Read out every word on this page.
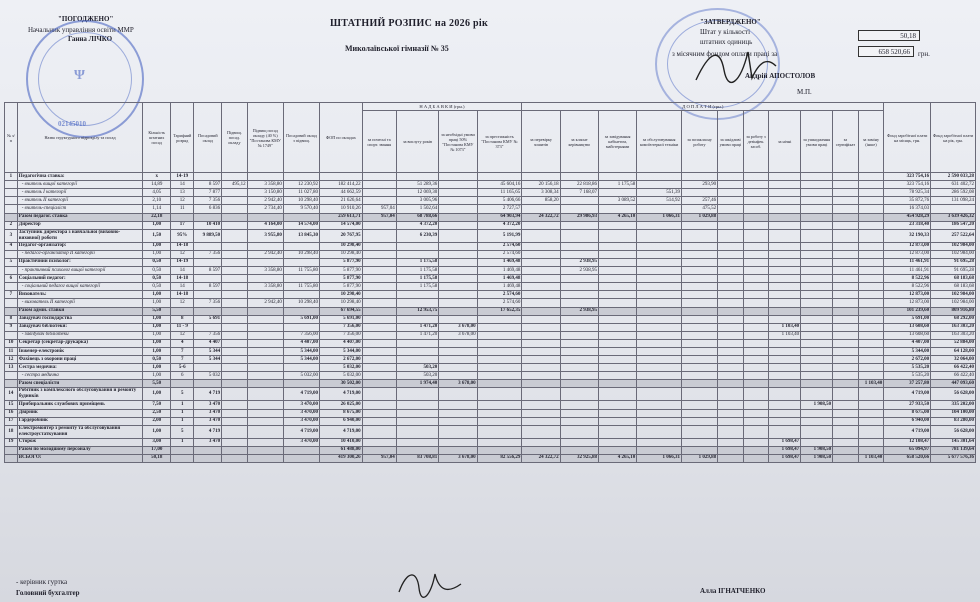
"ПОГОДЖЕНО"
Начальник управління освіти ММР
Ганна ЛІЧКО
Ψ
02145010
ШТАТНИЙ РОЗПИС на 2026 рік
Миколаївської гімназії № 35
"ЗАТВЕРДЖЕНО"
Штат у кількості
штатних одиниць
з місячним фондом оплати праці за	грн.
Андрій АПОСТОЛОВ
М.П.
50,18
658 520,66
№ з/п	Назва структурного підрозділу та посад	Кількість штатних посад	Тарифний розряд	Посадовий оклад	Підвищ. посад. окладу	Підвищ посад окладу (40 %) "Постанова КМУ № 1749"	Посадовий оклад з підвищ.	ФОП по окладах	Н А Д Б А В К И (грн.)				Д О П Л А Т И (грн.)											Фонд заробітної плати на місяць, грн.	Фонд заробітної плати на рік, грн.
									за почесні та спорт. звання	за вислугу років	за необхідні умови праці 50% "Постанова КМУ № 1073"	за престижність "Постанова КМУ № 373"	за перевірку зошитів	за класне керівництво	за завідування кабінетом, майстернями	за обслуговування комп'ютерної техніки	за позакласну роботу	за шкідливі умови праці	за роботу з дезінфек. засоб.	за нічні	за ушкодження умови праці	за сертифікат	за заміну (інше)		
1	Педагогічна ставка:	х	14-19																					323 754,16	2 590 033,28
	- вчитель вищої категорії	14,89	14	8 597	495,12	3 358,80	12 230,92	182 414,22		51 289,36		45 604,16	20 156,18	22 818,86	1 175,58		293,90							323 754,16	631 402,72
	- вчитель I категорії	4,05	13	7 877		3 150,80	11 027,80	44 662,59		12 069,30		11 165,65	3 308,34	7 168,07		551,39								78 925,34	286 592,08
	- вчитель II категорії	2,10	12	7 356		2 942,40	10 298,40	21 626,64		3 005,96		5 406,66	858,20		3 089,52	514,92	257,46							35 872,76	131 098,24
	- вчитель-спеціаліст	1,14	11	6 836		2 734,40	9 570,40	10 910,26	957,04	1 502,64		2 727,57					475,52							16 374,03	
	Разом педагог. ставка	22,18						259 613,71	957,04	68 788,66		64 903,94	24 322,72	29 986,93	4 265,10	1 066,31	1 029,88							454 928,29	3 639 426,32
2	Директор	1,00	17	10 410		4 164,00	14 574,00	14 574,00		4 372,20		4 372,20												23 318,40	186 547,20
3	Заступник директора з навчальної (виховно-виховної) роботи	1,50	95%	9 889,50		3 955,80	13 845,30	20 767,95		6 230,39		5 191,99												32 190,33	257 522,64
4	Педагог-організатор:	1,00	14-18					10 298,40				2 574,60												12 873,00	102 984,00
	- педагог-організатор II категорії	1,00	12	7 356		2 942,40	10 298,40	10 298,40				2 574,60												12 873,00	102 984,00
5	Практичний психолог:	0,50	14-19					5 877,90		1 175,58		1 469,48		2 938,95										11 461,91	91 695,28
	- практичний психолог вищої категорії	0,50	14	8 597		3 358,80	11 755,80	5 877,90		1 175,58		1 469,48		2 938,95										11 461,91	91 695,28
6	Соціальний педагог:	0,50	14-18					5 877,90		1 175,58		1 469,48												8 522,96	68 183,68
	- соціальний педагог вищої категорії	0,50	14	8 597		3 358,80	11 755,80	5 877,90		1 175,58		1 469,48												8 522,96	68 183,68
7	Вихователь:	1,00	14-18					10 298,40				2 574,60												12 873,00	102 984,00
	- вихователь II категорії	1,00	12	7 356		2 942,40	10 298,40	10 298,40				2 574,60												12 873,00	102 984,00
	Разом адмін. ставки	5,50						67 694,55		12 953,75		17 652,35		2 938,95										101 239,60	809 916,80
8	Завідувач господарства	1,00	8	5 691			5 691,00	5 691,00																5 691,00	68 292,00
9	Завідувач бібліотеки:	1,00	11 - 9					7 356,00		1 471,20	3 678,00									1 103,40				13 608,60	163 303,20
	- завідувач бібліотеки	1,00	12	7 356			7 356,00	7 356,00		1 471,20	3 678,00									1 103,40				13 608,60	163 303,20
10	Секретар (секретар-друкарка)	1,00	4	4 407			4 407,00	4 407,00																4 407,00	52 884,00
11	Інженер-електронік	1,00	7	5 344			5 344,00	5 344,00																5 344,00	64 128,00
12	Фахівець з охорони праці	0,50	7	5 344			5 344,00	2 672,00																2 672,00	32 064,00
13	Сестра медична:	1,00	5-6					5 032,00		503,20														5 535,20	66 422,40
	- сестра медична	1,00	6	5 032			5 032,00	5 032,00		503,20														5 535,20	66 422,40
	Разом спеціалісти	5,50						30 502,00		1 974,40	3 678,00												1 103,40	37 257,80	447 093,60
14	Робітник з комплексного обслуговування й ремонту будинків	1,00	5	4 719			4 719,00	4 719,00																4 719,00	56 628,00
15	Прибиральник службових приміщень	7,50	1	3 470			3 470,00	26 025,00													1 908,50			27 933,50	335 202,00
16	Двірник	2,50	1	3 470			3 470,00	8 675,00																8 675,00	104 100,00
17	Гардеробник	2,00	1	3 470			3 470,00	6 940,00																6 940,00	83 280,00
18	Електромонтер з ремонту та обслуговування електроустаткування	1,00	5	4 719			4 719,00	4 719,00																4 719,00	56 628,00
19	Сторож	3,00	1	3 470			3 470,00	10 410,00												1 698,47				12 108,47	145 301,64
	Разом по молодшому персоналу	17,00						61 488,00												1 698,47	1 908,50			65 094,97	781 139,64
	ВСЬОГО:	50,18						419 300,26	957,04	83 708,81	3 678,00	82 556,29	24 322,72	32 925,88	4 265,10	1 066,31	1 029,88			1 698,47	1 908,50		1 103,40	658 520,66	5 677 576,36
- керівник гуртка
Головний бухгалтер	Алла ІГНАТЧЕНКО
